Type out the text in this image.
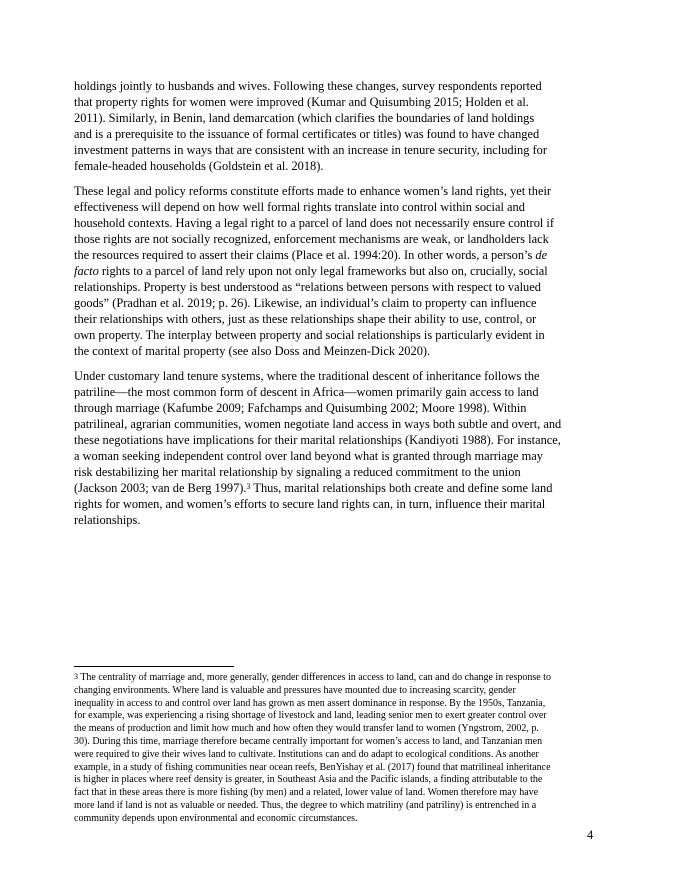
holdings jointly to husbands and wives. Following these changes, survey respondents reported
that property rights for women were improved (Kumar and Quisumbing 2015; Holden et al.
2011). Similarly, in Benin, land demarcation (which clarifies the boundaries of land holdings
and is a prerequisite to the issuance of formal certificates or titles) was found to have changed
investment patterns in ways that are consistent with an increase in tenure security, including for
female-headed households (Goldstein et al. 2018).

These legal and policy reforms constitute efforts made to enhance women’s land rights, yet their
effectiveness will depend on how well formal rights translate into control within social and
household contexts. Having a legal right to a parcel of land does not necessarily ensure control if
those rights are not socially recognized, enforcement mechanisms are weak, or landholders lack
the resources required to assert their claims (Place et al. 1994:20). In other words, a person’s de
facto rights to a parcel of land rely upon not only legal frameworks but also on, crucially, social
relationships. Property is best understood as “relations between persons with respect to valued
goods” (Pradhan et al. 2019; p. 26). Likewise, an individual’s claim to property can influence
their relationships with others, just as these relationships shape their ability to use, control, or
own property. The interplay between property and social relationships is particularly evident in
the context of marital property (see also Doss and Meinzen-Dick 2020).

Under customary land tenure systems, where the traditional descent of inheritance follows the
patriline—the most common form of descent in Africa—women primarily gain access to land
through marriage (Kafumbe 2009; Fafchamps and Quisumbing 2002; Moore 1998). Within
patrilineal, agrarian communities, women negotiate land access in ways both subtle and overt, and
these negotiations have implications for their marital relationships (Kandiyoti 1988). For instance,
a woman seeking independent control over land beyond what is granted through marriage may
risk destabilizing her marital relationship by signaling a reduced commitment to the union
(Jackson 2003; van de Berg 1997).$^3$ Thus, marital relationships both create and define some land
rights for women, and women’s efforts to secure land rights can, in turn, influence their marital
relationships.

$^3$ The centrality of marriage and, more generally, gender differences in access to land, can and do change in response to
changing environments. Where land is valuable and pressures have mounted due to increasing scarcity, gender
inequality in access to and control over land has grown as men assert dominance in response. By the 1950s, Tanzania,
for example, was experiencing a rising shortage of livestock and land, leading senior men to exert greater control over
the means of production and limit how much and how often they would transfer land to women (Yngstrom, 2002, p.
30). During this time, marriage therefore became centrally important for women’s access to land, and Tanzanian men
were required to give their wives land to cultivate. Institutions can and do adapt to ecological conditions. As another
example, in a study of fishing communities near ocean reefs, BenYishay et al. (2017) found that matrilineal inheritance
is higher in places where reef density is greater, in Southeast Asia and the Pacific islands, a finding attributable to the
fact that in these areas there is more fishing (by men) and a related, lower value of land. Women therefore may have
more land if land is not as valuable or needed. Thus, the degree to which matriliny (and patriliny) is entrenched in a
community depends upon environmental and economic circumstances.

4
